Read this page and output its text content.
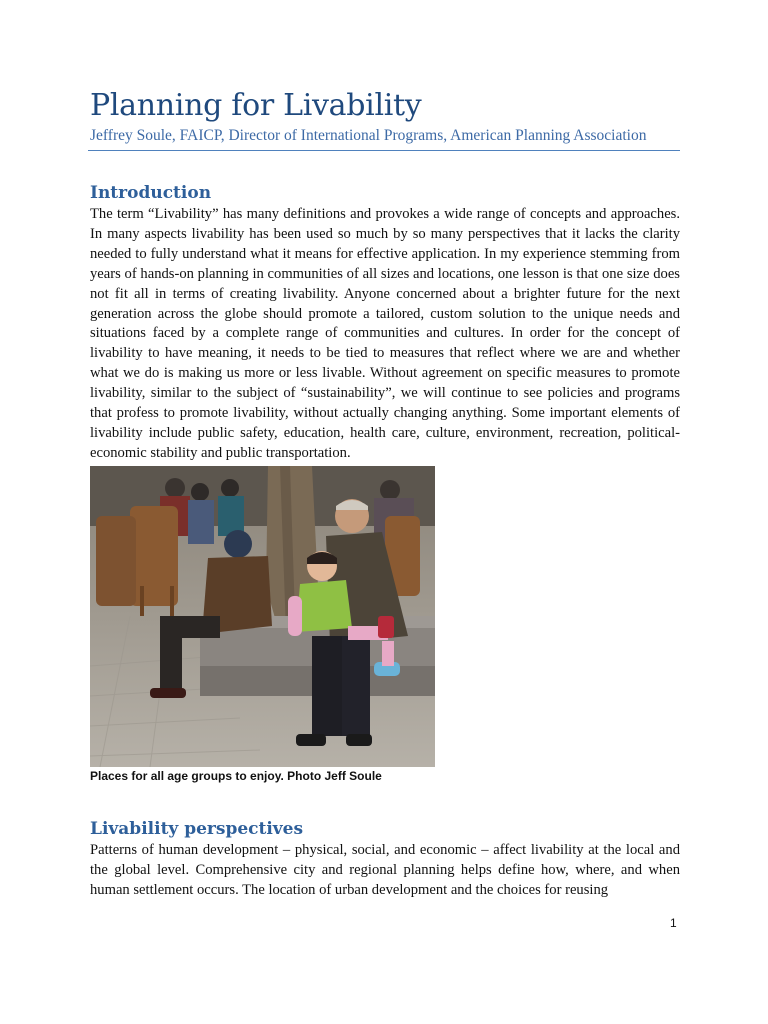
Planning for Livability

Jeffrey Soule, FAICP, Director of International Programs, American Planning Association

Introduction

The term “Livability” has many definitions and provokes a wide range of concepts and approaches. In many aspects livability has been used so much by so many perspectives that it lacks the clarity needed to fully understand what it means for effective application. In my experience stemming from years of hands-on planning in communities of all sizes and locations, one lesson is that one size does not fit all in terms of creating livability. Anyone concerned about a brighter future for the next generation across the globe should promote a tailored, custom solution to the unique needs and situations faced by a complete range of communities and cultures. In order for the concept of livability to have meaning, it needs to be tied to measures that reflect where we are and whether what we do is making us more or less livable. Without agreement on specific measures to promote livability, similar to the subject of “sustainability”, we will continue to see policies and programs that profess to promote livability, without actually changing anything. Some important elements of livability include public safety, education, health care, culture, environment, recreation, political-economic stability and public transportation.

Places for all age groups to enjoy. Photo Jeff Soule

Livability perspectives

Patterns of human development – physical, social, and economic – affect livability at the local and the global level. Comprehensive city and regional planning helps define how, where, and when human settlement occurs. The location of urban development and the choices for reusing

1
